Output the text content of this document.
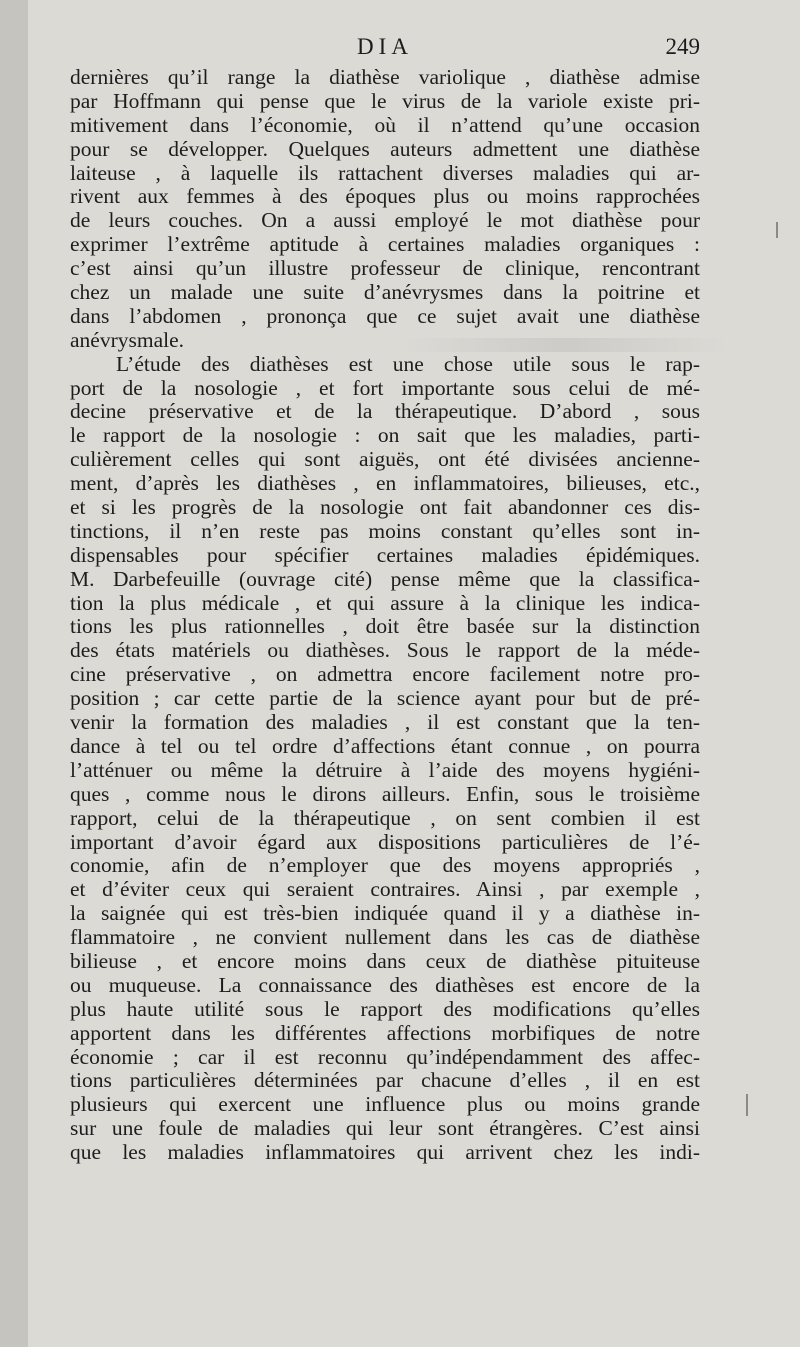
DIA	249
dernières qu’il range la diathèse variolique , diathèse admise
par Hoffmann qui pense que le virus de la variole existe pri-
mitivement dans l’économie, où il n’attend qu’une occasion
pour se développer. Quelques auteurs admettent une diathèse
laiteuse , à laquelle ils rattachent diverses maladies qui ar-
rivent aux femmes à des époques plus ou moins rapprochées
de leurs couches. On a aussi employé le mot diathèse pour
exprimer l’extrême aptitude à certaines maladies organiques :
c’est ainsi qu’un illustre professeur de clinique, rencontrant
chez un malade une suite d’anévrysmes dans la poitrine et
dans l’abdomen , prononça que ce sujet avait une diathèse
anévrysmale.
L’étude des diathèses est une chose utile sous le rap-
port de la nosologie , et fort importante sous celui de mé-
decine préservative et de la thérapeutique. D’abord , sous
le rapport de la nosologie : on sait que les maladies, parti-
culièrement celles qui sont aiguës, ont été divisées ancienne-
ment, d’après les diathèses , en inflammatoires, bilieuses, etc.,
et si les progrès de la nosologie ont fait abandonner ces dis-
tinctions, il n’en reste pas moins constant qu’elles sont in-
dispensables pour spécifier certaines maladies épidémiques.
M. Darbefeuille (ouvrage cité) pense même que la classifica-
tion la plus médicale , et qui assure à la clinique les indica-
tions les plus rationnelles , doit être basée sur la distinction
des états matériels ou diathèses. Sous le rapport de la méde-
cine préservative , on admettra encore facilement notre pro-
position ; car cette partie de la science ayant pour but de pré-
venir la formation des maladies , il est constant que la ten-
dance à tel ou tel ordre d’affections étant connue , on pourra
l’atténuer ou même la détruire à l’aide des moyens hygiéni-
ques , comme nous le dirons ailleurs. Enfin, sous le troisième
rapport, celui de la thérapeutique , on sent combien il est
important d’avoir égard aux dispositions particulières de l’é-
conomie, afin de n’employer que des moyens appropriés ,
et d’éviter ceux qui seraient contraires. Ainsi , par exemple ,
la saignée qui est très-bien indiquée quand il y a diathèse in-
flammatoire , ne convient nullement dans les cas de diathèse
bilieuse , et encore moins dans ceux de diathèse pituiteuse
ou muqueuse. La connaissance des diathèses est encore de la
plus haute utilité sous le rapport des modifications qu’elles
apportent dans les différentes affections morbifiques de notre
économie ; car il est reconnu qu’indépendamment des affec-
tions particulières déterminées par chacune d’elles , il en est
plusieurs qui exercent une influence plus ou moins grande
sur une foule de maladies qui leur sont étrangères. C’est ainsi
que les maladies inflammatoires qui arrivent chez les indi-
